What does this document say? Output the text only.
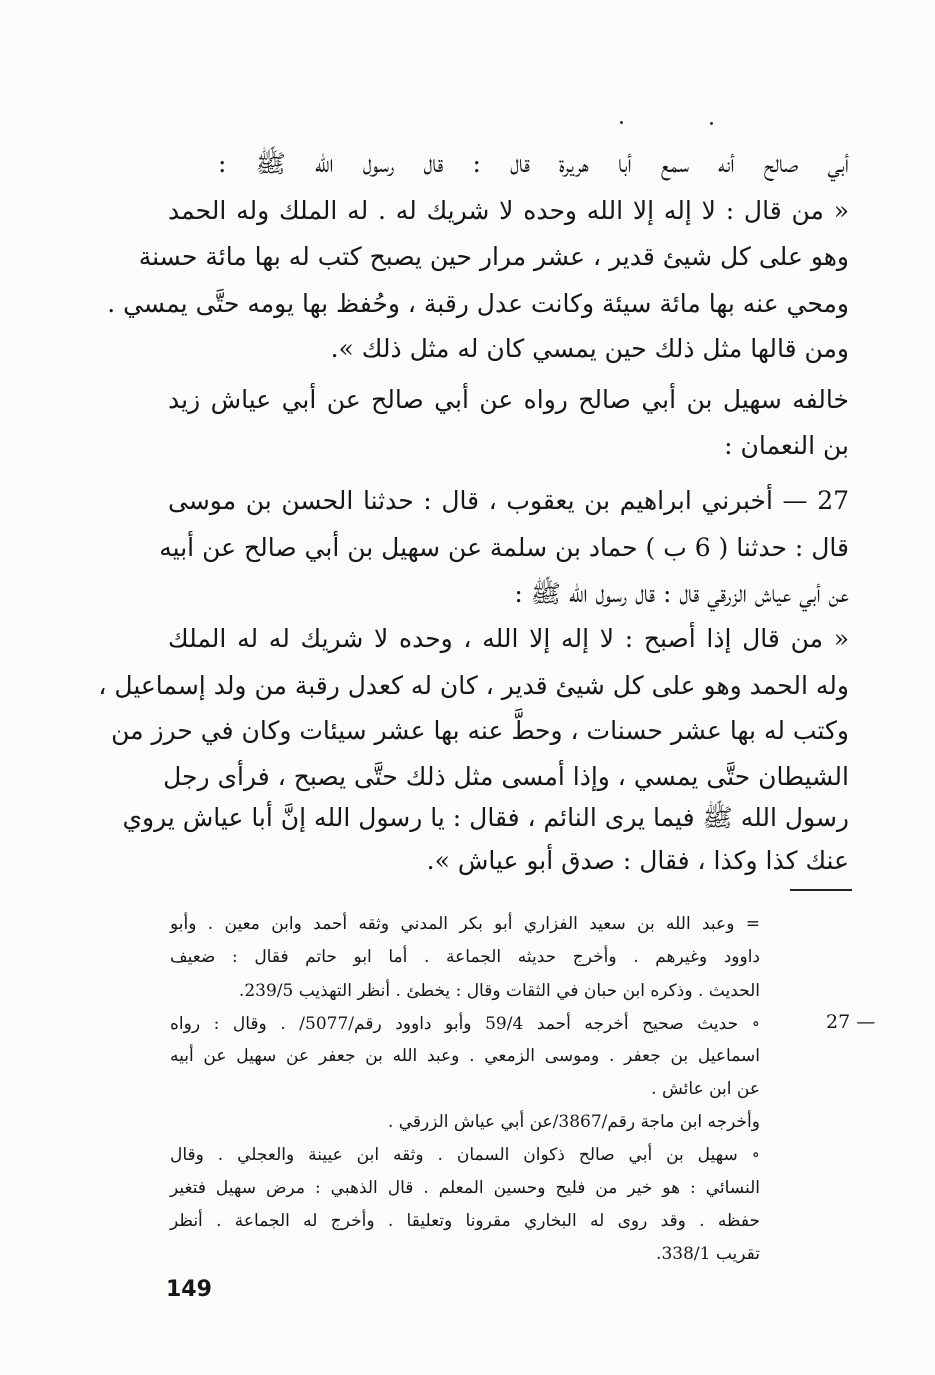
أبي صالح أنه سمع أبا هريرة قال : قال رسول الله ﷺ :
« من قال : لا إله إلا الله وحده لا شريك له . له الملك وله الحمد
وهو على كل شيئ قدير ، عشر مرار حين يصبح كتب له بها مائة حسنة
ومحي عنه بها مائة سيئة وكانت عدل رقبة ، وحُفظ بها يومه حتَّى يمسي .
ومن قالها مثل ذلك حين يمسي كان له مثل ذلك ».
خالفه سهيل بن أبي صالح رواه عن أبي صالح عن أبي عياش زيد
بن النعمان :
27 — أخبرني ابراهيم بن يعقوب ، قال : حدثنا الحسن بن موسى
قال : حدثنا ( 6 ب ) حماد بن سلمة عن سهيل بن أبي صالح عن أبيه
عن أبي عياش الزرقي قال : قال رسول الله ﷺ :
« من قال إذا أصبح : لا إله إلا الله ، وحده لا شريك له له الملك
وله الحمد وهو على كل شيئ قدير ، كان له كعدل رقبة من ولد إسماعيل ،
وكتب له بها عشر حسنات ، وحطَّ عنه بها عشر سيئات وكان في حرز من
الشيطان حتَّى يمسي ، وإذا أمسى مثل ذلك حتَّى يصبح ، فرأى رجل
رسول الله ﷺ فيما يرى النائم ، فقال : يا رسول الله إنَّ أبا عياش يروي
عنك كذا وكذا ، فقال : صدق أبو عياش ».
= وعبد الله بن سعيد الفزاري أبو بكر المدني وثقه أحمد وابن معين . وأبو
داوود وغيرهم . وأخرج حديثه الجماعة . أما ابو حاتم فقال : ضعيف
الحديث . وذكره ابن حبان في الثقات وقال : يخطئ . أنظر التهذيب 239/5.
27 —
∘ حديث صحيح أخرجه أحمد 59/4 وأبو داوود رقم/5077/ . وقال : رواه
اسماعيل بن جعفر . وموسى الزمعي . وعبد الله بن جعفر عن سهيل عن أبيه
عن ابن عائش .
وأخرجه ابن ماجة رقم/3867/عن أبي عياش الزرقي .
∘ سهيل بن أبي صالح ذكوان السمان . وثقه ابن عيينة والعجلي . وقال
النسائي : هو خير من فليح وحسين المعلم . قال الذهبي : مرض سهيل فتغير
حفظه . وقد روى له البخاري مقرونا وتعليقا . وأخرج له الجماعة . أنظر
تقريب 338/1.
149
